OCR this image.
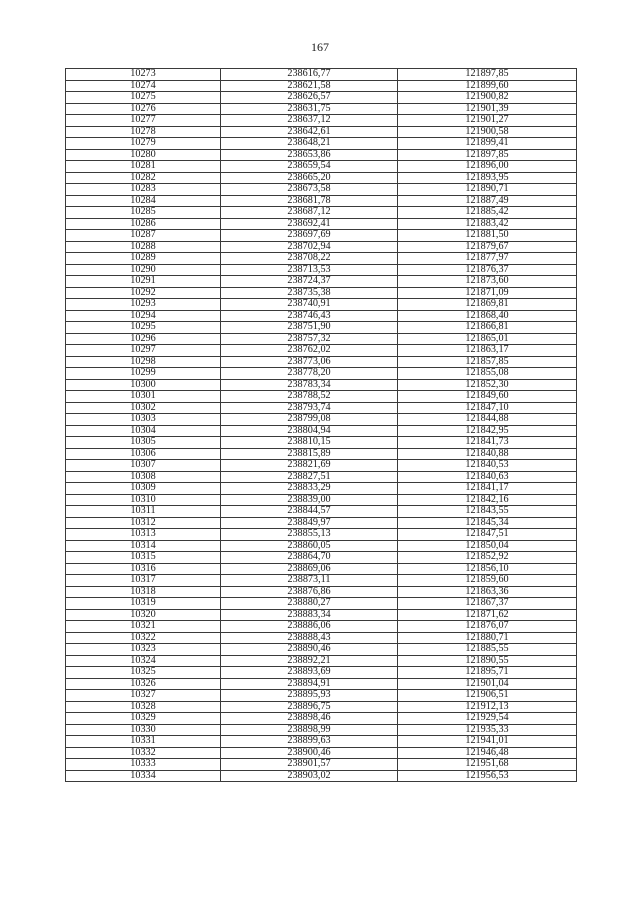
167
10273	238616,77	121897,85
10274	238621,58	121899,60
10275	238626,57	121900,82
10276	238631,75	121901,39
10277	238637,12	121901,27
10278	238642,61	121900,58
10279	238648,21	121899,41
10280	238653,86	121897,85
10281	238659,54	121896,00
10282	238665,20	121893,95
10283	238673,58	121890,71
10284	238681,78	121887,49
10285	238687,12	121885,42
10286	238692,41	121883,42
10287	238697,69	121881,50
10288	238702,94	121879,67
10289	238708,22	121877,97
10290	238713,53	121876,37
10291	238724,37	121873,60
10292	238735,38	121871,09
10293	238740,91	121869,81
10294	238746,43	121868,40
10295	238751,90	121866,81
10296	238757,32	121865,01
10297	238762,02	121863,17
10298	238773,06	121857,85
10299	238778,20	121855,08
10300	238783,34	121852,30
10301	238788,52	121849,60
10302	238793,74	121847,10
10303	238799,08	121844,88
10304	238804,94	121842,95
10305	238810,15	121841,73
10306	238815,89	121840,88
10307	238821,69	121840,53
10308	238827,51	121840,63
10309	238833,29	121841,17
10310	238839,00	121842,16
10311	238844,57	121843,55
10312	238849,97	121845,34
10313	238855,13	121847,51
10314	238860,05	121850,04
10315	238864,70	121852,92
10316	238869,06	121856,10
10317	238873,11	121859,60
10318	238876,86	121863,36
10319	238880,27	121867,37
10320	238883,34	121871,62
10321	238886,06	121876,07
10322	238888,43	121880,71
10323	238890,46	121885,55
10324	238892,21	121890,55
10325	238893,69	121895,71
10326	238894,91	121901,04
10327	238895,93	121906,51
10328	238896,75	121912,13
10329	238898,46	121929,54
10330	238898,99	121935,33
10331	238899,63	121941,01
10332	238900,46	121946,48
10333	238901,57	121951,68
10334	238903,02	121956,53
